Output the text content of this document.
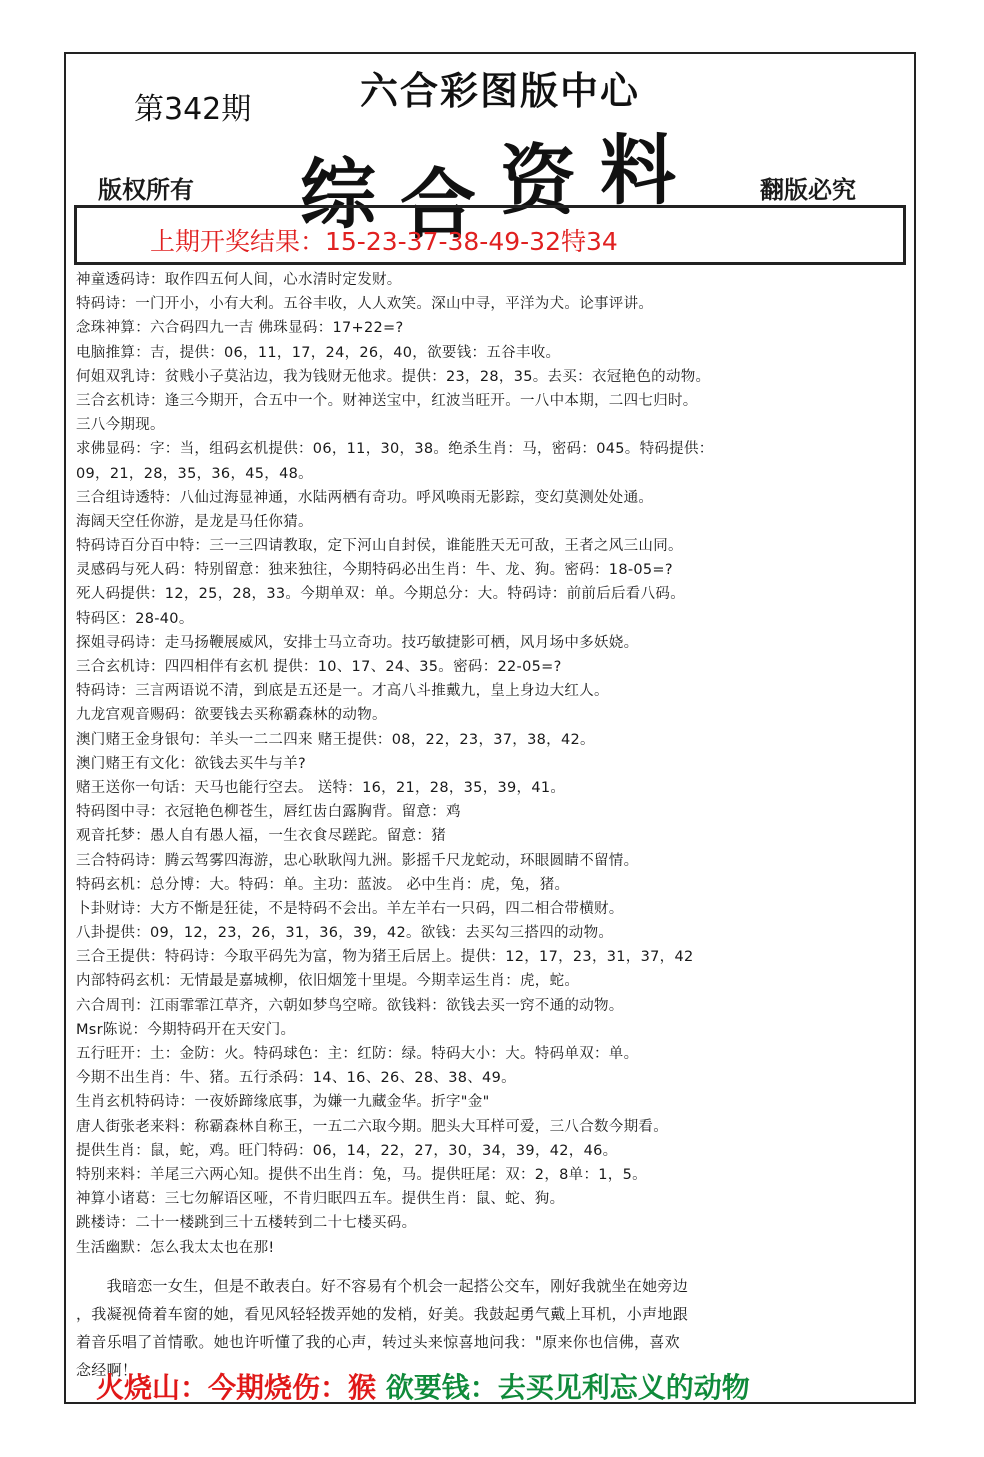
第342期	六合彩图版中心
综 合 资 料
版权所有	翻版必究
上期开奖结果：15-23-37-38-49-32特34
神童透码诗：取作四五何人间，心水清时定发财。
特码诗：一门开小，小有大利。五谷丰收，人人欢笑。深山中寻，平洋为犬。论事评讲。
念珠神算：六合码四九一吉 佛珠显码：17+22=?
电脑推算：吉，提供：06，11，17，24，26，40，欲要钱：五谷丰收。
何姐双乳诗：贫贱小子莫沾边，我为钱财无他求。提供：23，28，35。去买：衣冠艳色的动物。
三合玄机诗：逢三今期开，合五中一个。财神送宝中，红波当旺开。一八中本期，二四七归时。
三八今期现。
求佛显码：字：当，组码玄机提供：06，11，30，38。绝杀生肖：马，密码：045。特码提供：
09，21，28，35，36，45，48。
三合组诗透特：八仙过海显神通，水陆两栖有奇功。呼风唤雨无影踪，变幻莫测处处通。
海阔天空任你游，是龙是马任你猜。
特码诗百分百中特：三一三四请教取，定下河山自封侯，谁能胜天无可敌，王者之风三山同。
灵感码与死人码：特别留意：独来独往，今期特码必出生肖：牛、龙、狗。密码：18-05=?
死人码提供：12，25，28，33。今期单双：单。今期总分：大。特码诗：前前后后看八码。
特码区：28-40。
探姐寻码诗：走马扬鞭展威风，安排士马立奇功。技巧敏捷影可栖，风月场中多妖娆。
三合玄机诗：四四相伴有玄机 提供：10、17、24、35。密码：22-05=?
特码诗：三言两语说不清，到底是五还是一。才高八斗推戴九，皇上身边大红人。
九龙宫观音赐码：欲要钱去买称霸森林的动物。
澳门赌王金身银句：羊头一二二四来 赌王提供：08，22，23，37，38，42。
澳门赌王有文化：欲钱去买牛与羊?
赌王送你一句话：天马也能行空去。 送特：16，21，28，35，39，41。
特码图中寻：衣冠艳色柳苍生，唇红齿白露胸背。留意：鸡
观音托梦：愚人自有愚人福，一生衣食尽蹉跎。留意：猪
三合特码诗：腾云驾雾四海游，忠心耿耿闯九洲。影摇千尺龙蛇动，环眼圆睛不留情。
特码玄机：总分博：大。特码：单。主功：蓝波。 必中生肖：虎，兔，猪。
卜卦财诗：大方不惭是狂徒，不是特码不会出。羊左羊右一只码，四二相合带横财。
八卦提供：09，12，23，26，31，36，39，42。欲钱：去买勾三搭四的动物。
三合王提供：特码诗：今取平码先为富，物为猪王后居上。提供：12，17，23，31，37，42
内部特码玄机：无情最是嘉城柳，依旧烟笼十里堤。今期幸运生肖：虎，蛇。
六合周刊：江雨霏霏江草齐，六朝如梦鸟空啼。欲钱料：欲钱去买一窍不通的动物。
Msr陈说：今期特码开在天安门。
五行旺开：土：金防：火。特码球色：主：红防：绿。特码大小：大。特码单双：单。
今期不出生肖：牛、猪。五行杀码：14、16、26、28、38、49。
生肖玄机特码诗：一夜娇蹄缘底事，为嫌一九藏金华。折字"金"
唐人街张老来料：称霸森林自称王，一五二六取今期。肥头大耳样可爱，三八合数今期看。
提供生肖：鼠，蛇，鸡。旺门特码：06，14，22，27，30，34，39，42，46。
特别来料：羊尾三六两心知。提供不出生肖：兔，马。提供旺尾：双：2，8单：1，5。
神算小诸葛：三七勿解语区哑，不肯归眠四五车。提供生肖：鼠、蛇、狗。
跳楼诗：二十一楼跳到三十五楼转到二十七楼买码。
生活幽默：怎么我太太也在那!
　　我暗恋一女生，但是不敢表白。好不容易有个机会一起搭公交车，刚好我就坐在她旁边
，我凝视倚着车窗的她，看见风轻轻拨弄她的发梢，好美。我鼓起勇气戴上耳机，小声地跟
着音乐唱了首情歌。她也许听懂了我的心声，转过头来惊喜地问我："原来你也信佛，喜欢
念经啊！
火烧山：今期烧伤：猴 欲要钱：去买见利忘义的动物
